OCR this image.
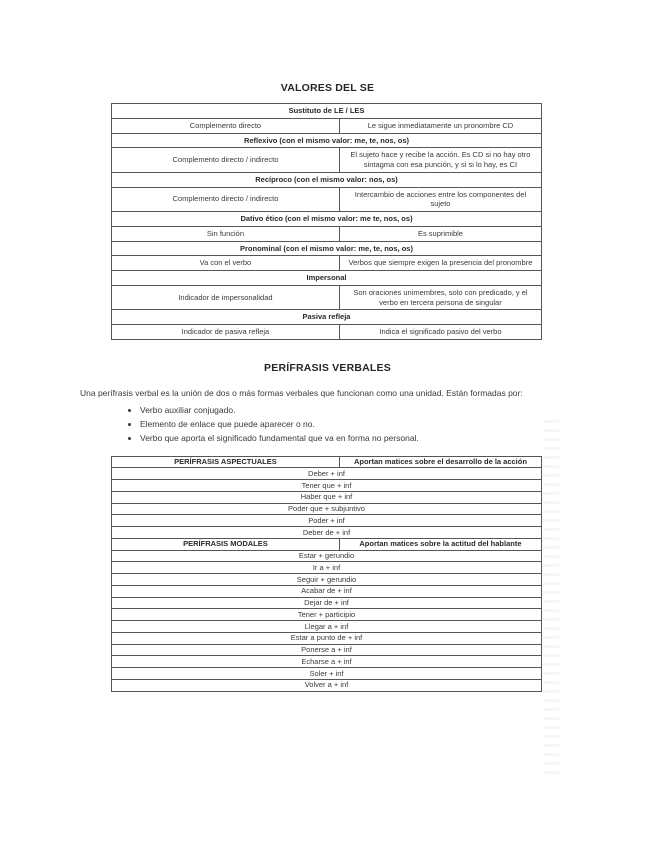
VALORES DEL SE
Sustituto de LE / LES	
Complemento directo	Le sigue inmediatamente un pronombre CD
Reflexivo (con el mismo valor: me, te, nos, os)	
Complemento directo / indirecto	El sujeto hace y recibe la acción. Es CD si no hay otro sintagma con esa punción, y si si lo hay, es CI
Recíproco (con el mismo valor: nos, os)	
Complemento directo / indirecto	Intercambio de acciones entre los componentes del sujeto
Dativo ético (con el mismo valor: me te, nos, os)	
Sin función	Es suprimible
Pronominal (con el mismo valor: me, te, nos, os)	
Va con el verbo	Verbos que siempre exigen la presencia del pronombre
Impersonal	
Indicador de impersonalidad	Son oraciones unimembres, solo con predicado, y el verbo en tercera persona de singular
Pasiva refleja	
Indicador de pasiva refleja	Indica el significado pasivo del verbo
PERÍFRASIS VERBALES

Una perífrasis verbal es la unión de dos o más formas verbales que funcionan como una unidad. Están formadas por:

• Verbo auxiliar conjugado.
• Elemento de enlace que puede aparecer o no.
• Verbo que aporta el significado fundamental que va en forma no personal.
PERÍFRASIS ASPECTUALES	Aportan matices sobre el desarrollo de la acción
Deber + inf	
Tener que + inf	
Haber que + inf	
Poder que + subjuntivo	
Poder + inf	
Deber de + inf	
PERÍFRASIS MODALES	Aportan matices sobre la actitud del hablante
Estar + gerundio	
Ir a + inf	
Seguir + gerundio	
Acabar de + inf	
Dejar de + inf	
Tener + participio	
Llegar a + inf	
Estar a punto de + inf	
Ponerse a + inf	
Echarse a + inf	
Soler + inf	
Volver a + inf	
